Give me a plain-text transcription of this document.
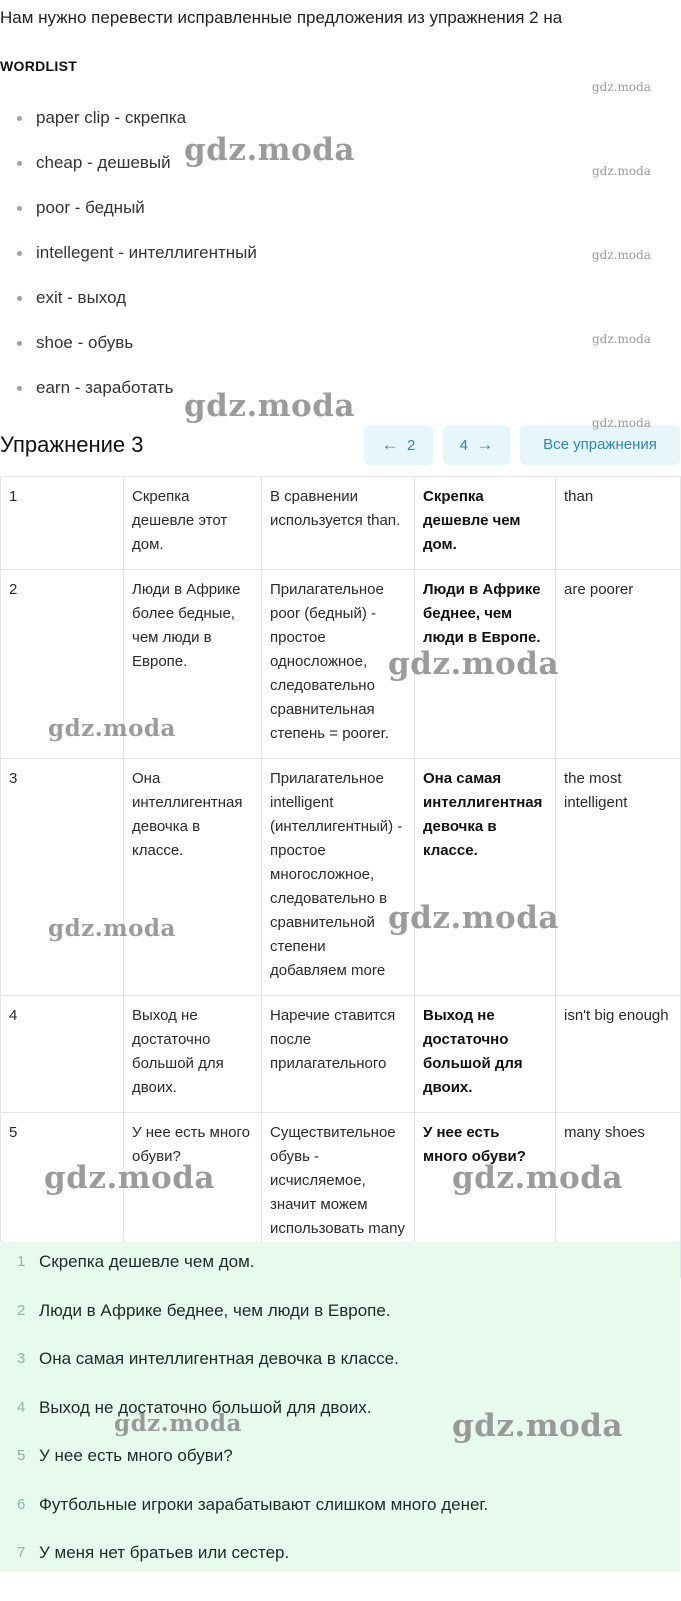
Нам нужно перевести исправленные предложения из упражнения 2 на
WORDLIST
paper clip - скрепка
cheap - дешевый
poor - бедный
intellegent - интеллигентный
exit - выход
shoe - обувь
earn - заработать
Упражнение 3	← 2	4 →	Все упражнения
1	Скрепка дешевле этот дом.	В сравнении используется than.	Скрепка дешевле чем дом.	than
2	Люди в Африке более бедные, чем люди в Европе.	Прилагательное poor (бедный) - простое односложное, следовательно сравнительная степень = poorer.	Люди в Африке беднее, чем люди в Европе.	are poorer
3	Она интеллигентная девочка в классе.	Прилагательное intelligent (интеллигентный) - простое многосложное, следовательно в сравнительной степени добавляем more	Она самая интеллигентная девочка в классе.	the most intelligent
4	Выход не достаточно большой для двоих.	Наречие ставится после прилагательного	Выход не достаточно большой для двоих.	isn't big enough
5	У нее есть много обуви?	Существительное обувь - исчисляемое, значит можем использовать many	У нее есть много обуви?	many shoes
1 Скрепка дешевле чем дом.
2 Люди в Африке беднее, чем люди в Европе.
3 Она самая интеллигентная девочка в классе.
4 Выход не достаточно большой для двоих.
5 У нее есть много обуви?
6 Футбольные игроки зарабатывают слишком много денег.
7 У меня нет братьев или сестер.
gdz.moda
gdz.moda
gdz.moda
gdz.moda
gdz.moda
gdz.moda
gdz.moda
gdz.moda
gdz.moda
gdz.moda	gdz.moda
gdz.moda	gdz.moda
gdz.moda	gdz.moda
